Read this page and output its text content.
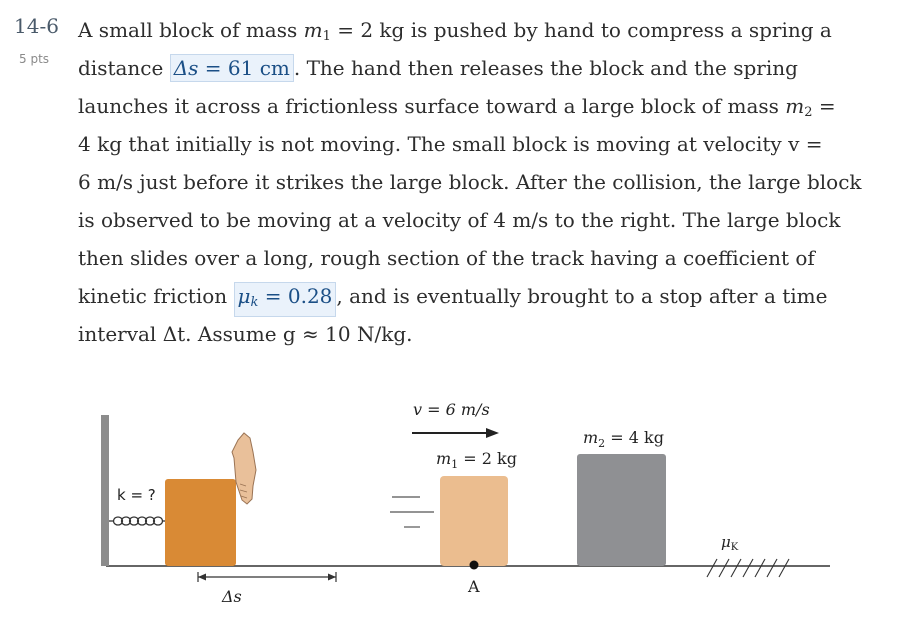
14-6
5 pts
A small block of mass $m_1 = 2$ kg is pushed by hand to compress a spring a
distance Δs = 61 cm . The hand then releases the block and the spring
launches it across a frictionless surface toward a large block of mass $m_2$ =
4 kg that initially is not moving. The small block is moving at velocity v =
6 m/s just before it strikes the large block. After the collision, the large block
is observed to be moving at a velocity of 4 m/s to the right. The large block
then slides over a long, rough section of the track having a coefficient of
kinetic friction $\mu_k = 0.28$ , and is eventually brought to a stop after a time
interval Δt. Assume g ≈ 10 N/kg.
k = ?
Δs
v = 6 m/s
$m_1 = 2$ kg
A
$m_2 = 4$ kg
$\mu_K$
